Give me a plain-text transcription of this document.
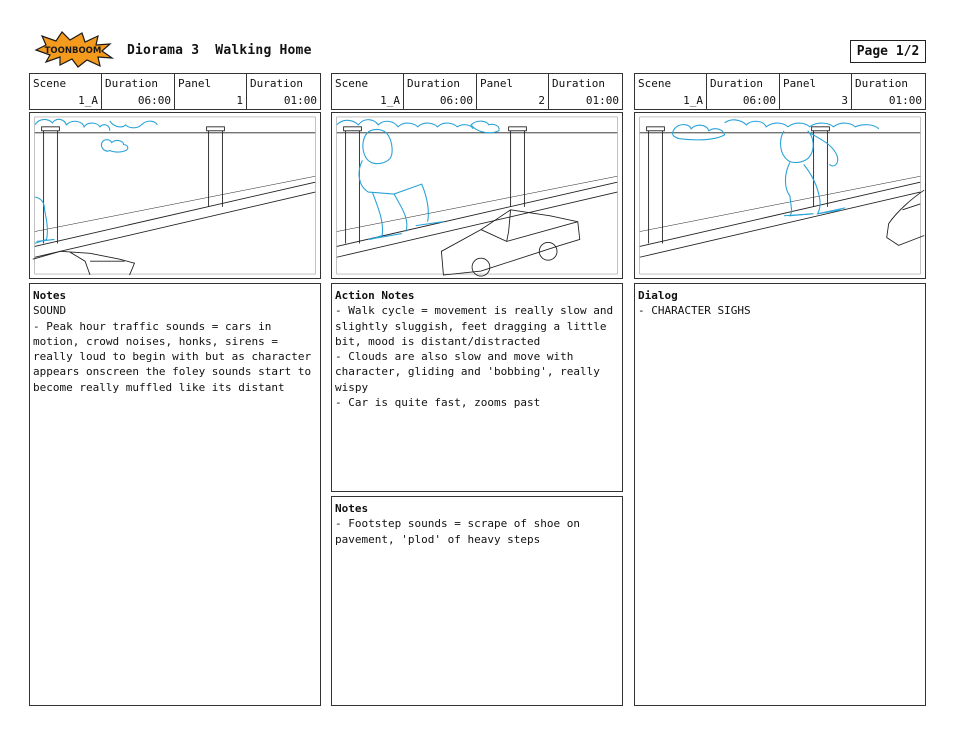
TOONBOOM Diorama 3  Walking Home	Page 1/2
Scene
1_A
Duration
06:00
Panel
1
Duration
01:00
Scene
1_A
Duration
06:00
Panel
2
Duration
01:00
Scene
1_A
Duration
06:00
Panel
3
Duration
01:00
Notes
SOUND
- Peak hour traffic sounds = cars in motion, crowd noises, honks, sirens = really loud to begin with but as character appears onscreen the foley sounds start to become really muffled like its distant
Action Notes
- Walk cycle = movement is really slow and slightly sluggish, feet dragging a little bit, mood is distant/distracted
- Clouds are also slow and move with character, gliding and 'bobbing', really wispy
- Car is quite fast, zooms past
Notes
- Footstep sounds = scrape of shoe on pavement, 'plod' of heavy steps
Dialog
- CHARACTER SIGHS
